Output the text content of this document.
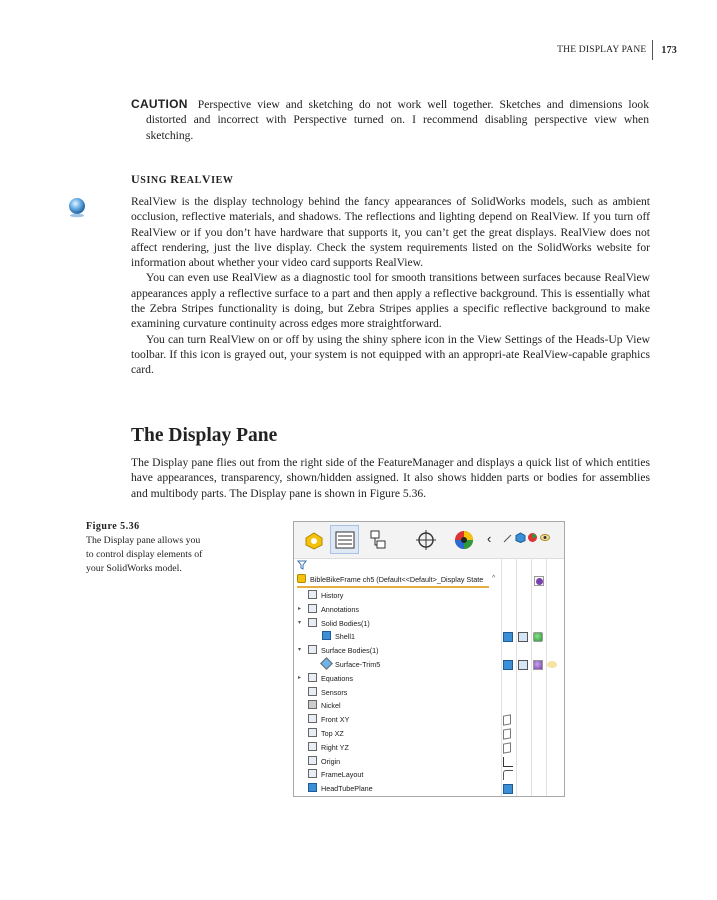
THE DISPLAY PANE	173
CAUTION Perspective view and sketching do not work well together. Sketches and dimensions look distorted and incorrect with Perspective turned on. I recommend disabling perspective view when sketching.
USING REALVIEW

RealView is the display technology behind the fancy appearances of SolidWorks models, such as ambient occlusion, reflective materials, and shadows. The reflections and lighting depend on RealView. If you turn off RealView or if you don’t have hardware that supports it, you can’t get the great displays. RealView does not affect rendering, just the live display. Check the system requirements listed on the SolidWorks website for information about whether your video card supports RealView.

You can even use RealView as a diagnostic tool for smooth transitions between surfaces because RealView appearances apply a reflective surface to a part and then apply a reflective background. This is essentially what the Zebra Stripes functionality is doing, but Zebra Stripes applies a specific reflective background to make examining curvature continuity across edges more straightforward.

You can turn RealView on or off by using the shiny sphere icon in the View Settings of the Heads-Up View toolbar. If this icon is grayed out, your system is not equipped with an appropri-ate RealView-capable graphics card.

The Display Pane

The Display pane flies out from the right side of the FeatureManager and displays a quick list of which entities have appearances, transparency, shown/hidden assigned. It also shows hidden parts or bodies for assemblies and multibody parts. The Display pane is shown in Figure 5.36.

Figure 5.36
The Display pane allows you to control display elements of your SolidWorks model.
‹
BibleBikeFrame ch5 (Default<<Default>_Display State	^
History
▸	Annotations
▾	Solid Bodies(1)
Shell1
▾	Surface Bodies(1)
Surface-Trim5
▸	Equations
Sensors
Nickel
Front XY
Top XZ
Right YZ
Origin
FrameLayout
HeadTubePlane
